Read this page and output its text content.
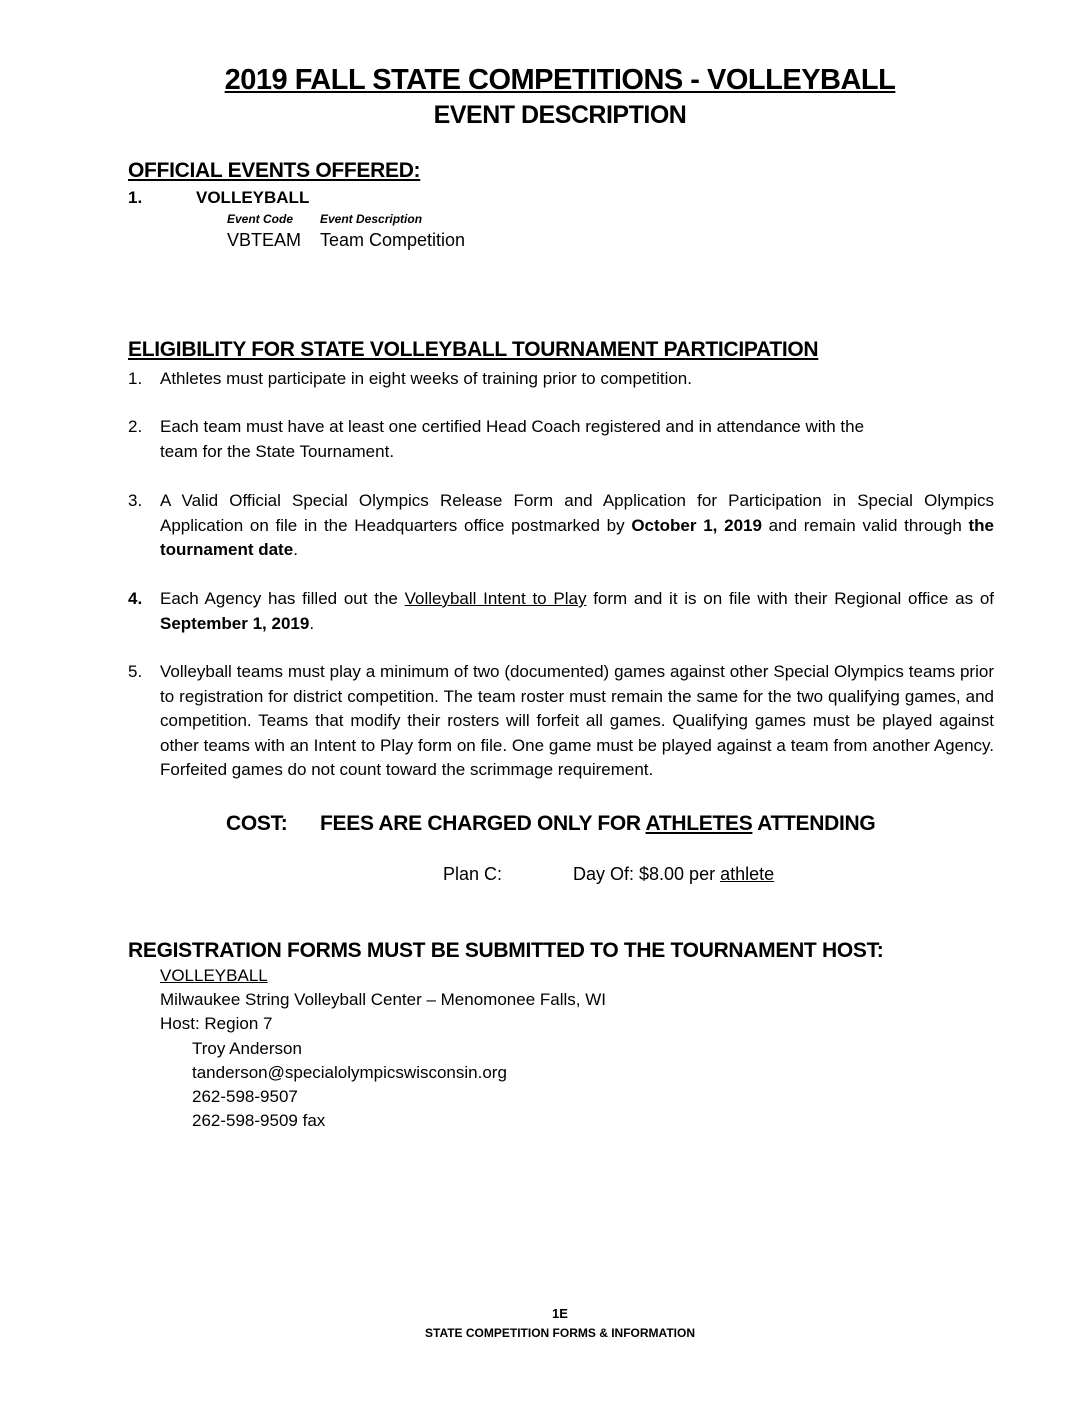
2019 FALL STATE COMPETITIONS - VOLLEYBALL
EVENT DESCRIPTION
OFFICIAL EVENTS OFFERED:
1.	VOLLEYBALL
Event Code Event Description
VBTEAM Team Competition
ELIGIBILITY FOR STATE VOLLEYBALL TOURNAMENT PARTICIPATION
1. Athletes must participate in eight weeks of training prior to competition.
2. Each team must have at least one certified Head Coach registered and in attendance with the
team for the State Tournament.
3. A Valid Official Special Olympics Release Form and Application for Participation in Special Olympics Application on file in the Headquarters office postmarked by October 1, 2019 and remain valid through the tournament date.
4. Each Agency has filled out the Volleyball Intent to Play form and it is on file with their Regional office as of September 1, 2019.
5. Volleyball teams must play a minimum of two (documented) games against other Special Olympics teams prior to registration for district competition. The team roster must remain the same for the two qualifying games, and competition. Teams that modify their rosters will forfeit all games. Qualifying games must be played against other teams with an Intent to Play form on file. One game must be played against a team from another Agency. Forfeited games do not count toward the scrimmage requirement.
COST: FEES ARE CHARGED ONLY FOR ATHLETES ATTENDING
Plan C:	Day Of: $8.00 per athlete
REGISTRATION FORMS MUST BE SUBMITTED TO THE TOURNAMENT HOST:
VOLLEYBALL
Milwaukee String Volleyball Center – Menomonee Falls, WI
Host: Region 7
Troy Anderson
tanderson@specialolympicswisconsin.org
262-598-9507
262-598-9509 fax
1E
STATE COMPETITION FORMS & INFORMATION
